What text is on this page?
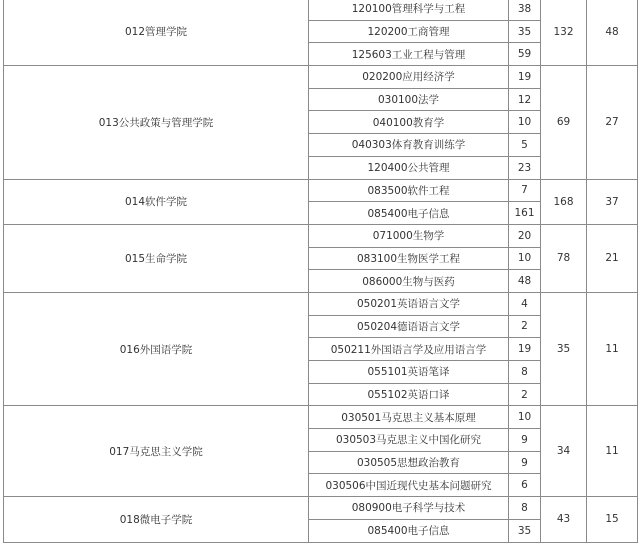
012管理学院	120100管理科学与工程	38	132	48
	120200工商管理	35		
	125603工业工程与管理	59		
013公共政策与管理学院	020200应用经济学	19	69	27
	030100法学	12		
	040100教育学	10		
	040303体育教育训练学	5		
	120400公共管理	23		
014软件学院	083500软件工程	7	168	37
	085400电子信息	161		
015生命学院	071000生物学	20	78	21
	083100生物医学工程	10		
	086000生物与医药	48		
016外国语学院	050201英语语言文学	4	35	11
	050204德语语言文学	2		
	050211外国语言学及应用语言学	19		
	055101英语笔译	8		
	055102英语口译	2		
017马克思主义学院	030501马克思主义基本原理	10	34	11
	030503马克思主义中国化研究	9		
	030505思想政治教育	9		
	030506中国近现代史基本问题研究	6		
018微电子学院	080900电子科学与技术	8	43	15
	085400电子信息	35		
